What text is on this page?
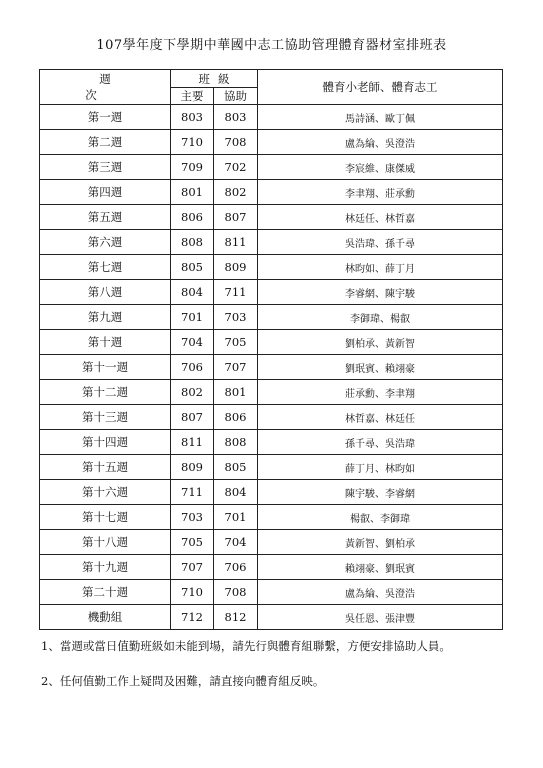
107學年度下學期中華國中志工協助管理體育器材室排班表
週 次	班級		體育小老師、體育志工
	主要	協助	
第一週	803	803	馬詩涵、歐丁佩
第二週	710	708	盧為綸、吳澄浩
第三週	709	702	李宸維、康傑威
第四週	801	802	李聿翔、莊承勳
第五週	806	807	林廷任、林哲嘉
第六週	808	811	吳浩瑋、孫千尋
第七週	805	809	林昀如、薛丁月
第八週	804	711	李睿網、陳宇駿
第九週	701	703	李御瑋、楊叡
第十週	704	705	劉柏承、黃新智
第十一週	706	707	劉珉賓、賴翊豪
第十二週	802	801	莊承勳、李聿翔
第十三週	807	806	林哲嘉、林廷任
第十四週	811	808	孫千尋、吳浩瑋
第十五週	809	805	薛丁月、林昀如
第十六週	711	804	陳宇駿、李睿網
第十七週	703	701	楊叡、李御瑋
第十八週	705	704	黃新智、劉柏承
第十九週	707	706	賴翊豪、劉珉賓
第二十週	710	708	盧為綸、吳澄浩
機動組	712	812	吳任恩、張津豐
1、當週或當日值勤班級如未能到場，請先行與體育組聯繫，方便安排協助人員。
2、任何值勤工作上疑問及困難，請直接向體育組反映。
